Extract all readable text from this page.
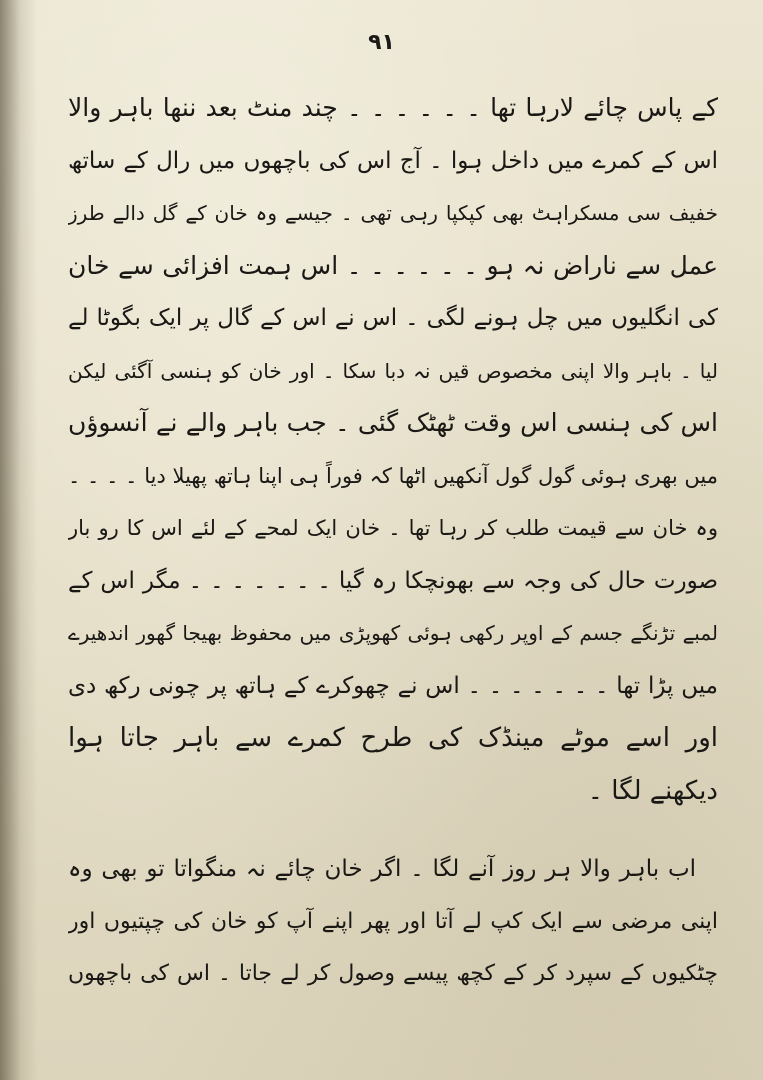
۹۱
کے پاس چائے لارہا تھا ۔ ۔ ۔ ۔ ۔ ۔ چند منٹ بعد ننھا باہر والا
اس کے کمرے میں داخل ہوا ۔ آج اس کی باچھوں میں رال کے ساتھ
خفیف سی مسکراہٹ بھی کپکپا رہی تھی ۔ جیسے وہ خان کے گل دالے طرز
عمل سے ناراض نہ ہو ۔ ۔ ۔ ۔ ۔ ۔ اس ہمت افزائی سے خان
کی انگلیوں میں چل ہونے لگی ۔ اس نے اس کے گال پر ایک بگوٹا لے
لیا ۔ باہر والا اپنی مخصوص قیں نہ دبا سکا ۔ اور خان کو ہنسی آگئی لیکن
اس کی ہنسی اس وقت ٹھٹک گئی ۔ جب باہر والے نے آنسوؤں
میں بھری ہوئی گول گول آنکھیں اٹھا کہ فوراً ہی اپنا ہاتھ پھیلا دیا ۔ ۔ ۔ ۔
وہ خان سے قیمت طلب کر رہا تھا ۔ خان ایک لمحے کے لئے اس کا رو بار
صورت حال کی وجہ سے بھونچکا رہ گیا ۔ ۔ ۔ ۔ ۔ ۔ ۔ مگر اس کے
لمبے تڑنگے جسم کے اوپر رکھی ہوئی کھوپڑی میں محفوظ بھیجا گھور اندھیرے
میں پڑا تھا ۔ ۔ ۔ ۔ ۔ ۔ ۔ اس نے چھوکرے کے ہاتھ پر چونی رکھ دی
اور اسے موٹے مینڈک کی طرح کمرے سے باہر جاتا ہوا
دیکھنے لگا ۔
اب باہر والا ہر روز آنے لگا ۔ اگر خان چائے نہ منگواتا تو بھی وہ
اپنی مرضی سے ایک کپ لے آتا اور پھر اپنے آپ کو خان کی چپتیوں اور
چٹکیوں کے سپرد کر کے کچھ پیسے وصول کر لے جاتا ۔ اس کی باچھوں
